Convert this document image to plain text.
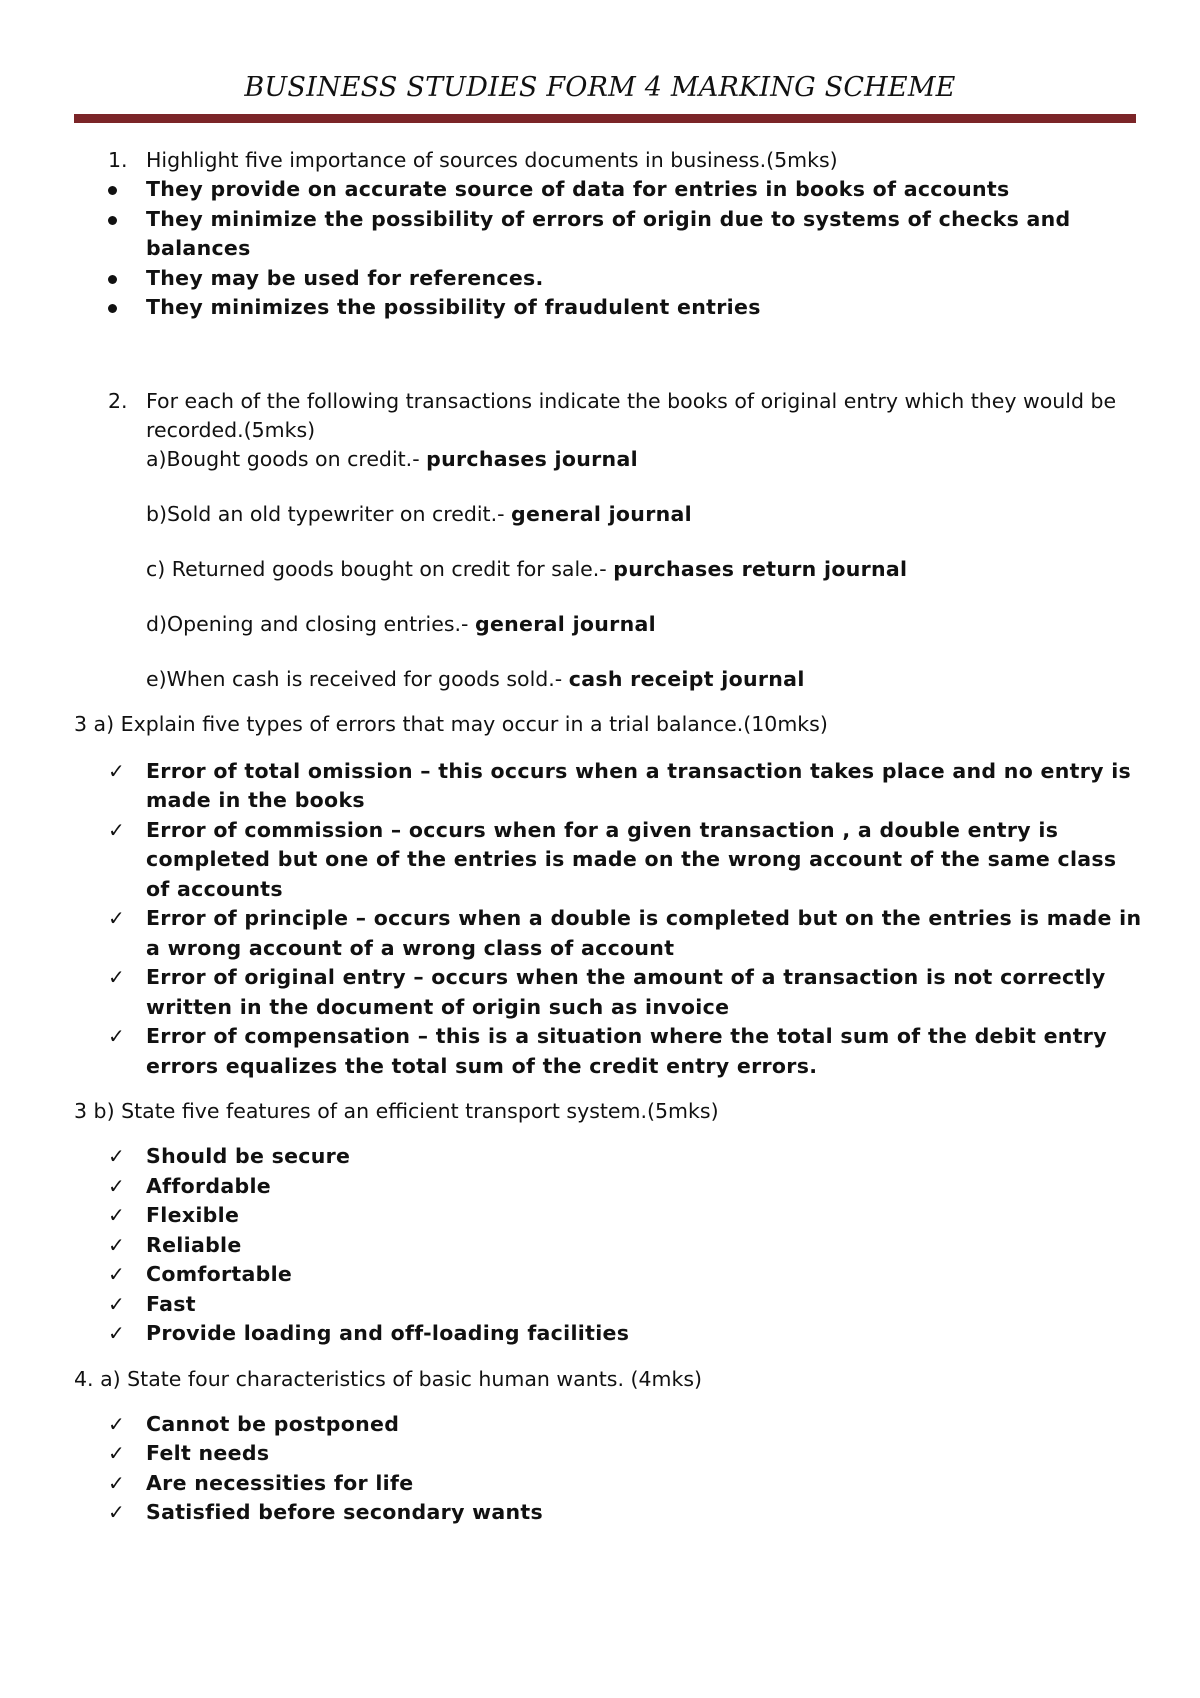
BUSINESS STUDIES FORM 4 MARKING SCHEME
1. Highlight five importance of sources documents in business.(5mks)
They provide on accurate source of data for entries in books of accounts
They minimize the possibility of errors of origin due to systems of checks and balances
They may be used for references.
They minimizes the possibility of fraudulent entries
2. For each of the following transactions indicate the books of original entry which they would be recorded.(5mks)
a)Bought goods on credit.- purchases journal
b)Sold an old typewriter on credit.- general journal
c) Returned goods bought on credit for sale.- purchases return journal
d)Opening and closing entries.- general journal
e)When cash is received for goods sold.- cash receipt journal
3 a) Explain five types of errors that may occur in a trial balance.(10mks)
✓ Error of total omission – this occurs when a transaction takes place and no entry is made in the books
✓ Error of commission – occurs when for a given transaction , a double entry is completed but one of the entries is made on the wrong account of the same class of accounts
✓ Error of principle – occurs when a double is completed but on the entries is made in a wrong account of a wrong class of account
✓ Error of original entry – occurs when the amount of a transaction is not correctly written in the document of origin such as invoice
✓ Error of compensation – this is a situation where the total sum of the debit entry errors equalizes the total sum of the credit entry errors.
3 b) State five features of an efficient transport system.(5mks)
✓ Should be secure
✓ Affordable
✓ Flexible
✓ Reliable
✓ Comfortable
✓ Fast
✓ Provide loading and off-loading facilities
4. a) State four characteristics of basic human wants. (4mks)
✓ Cannot be postponed
✓ Felt needs
✓ Are necessities for life
✓ Satisfied before secondary wants
